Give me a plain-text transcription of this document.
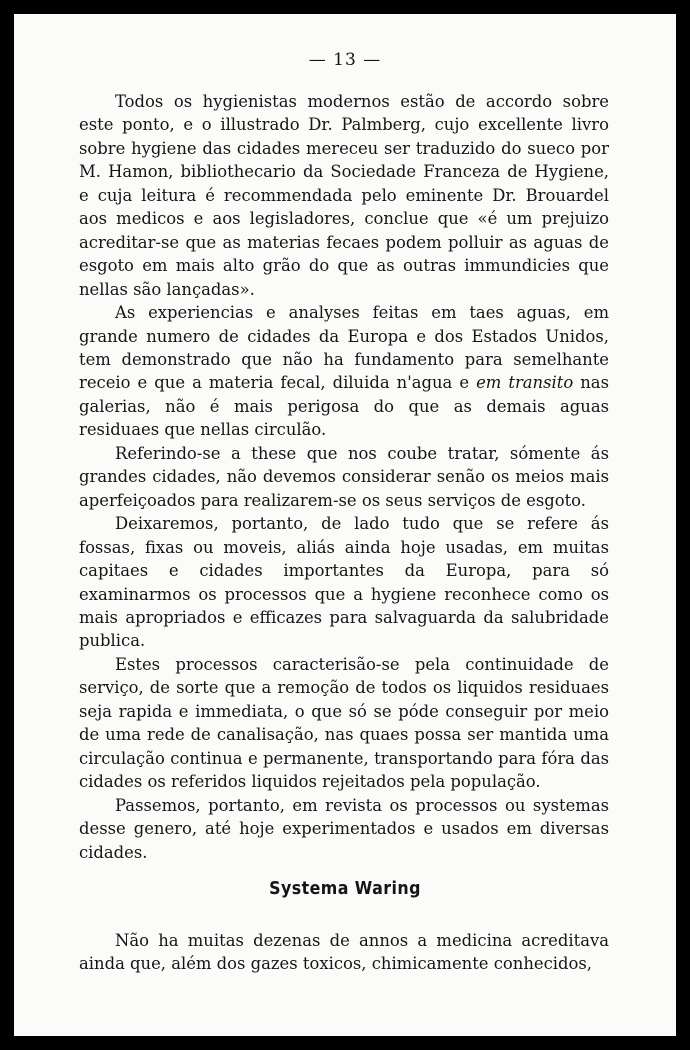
— 13 —

Todos os hygienistas modernos estão de accordo sobre este ponto, e o illustrado Dr. Palmberg, cujo excellente livro sobre hygiene das cidades mereceu ser traduzido do sueco por M. Hamon, bibliothecario da Sociedade Franceza de Hygiene, e cuja leitura é recommendada pelo eminente Dr. Brouardel aos medicos e aos legisladores, conclue que «é um prejuizo acreditar-se que as materias fecaes podem polluir as aguas de esgoto em mais alto grão do que as outras immundicies que nellas são lançadas».

As experiencias e analyses feitas em taes aguas, em grande numero de cidades da Europa e dos Estados Unidos, tem demonstrado que não ha fundamento para semelhante receio e que a materia fecal, diluida n'agua e em transito nas galerias, não é mais perigosa do que as demais aguas residuaes que nellas circulão.

Referindo-se a these que nos coube tratar, sómente ás grandes cidades, não devemos considerar senão os meios mais aperfeiçoados para realizarem-se os seus serviços de esgoto.

Deixaremos, portanto, de lado tudo que se refere ás fossas, fixas ou moveis, aliás ainda hoje usadas, em muitas capitaes e cidades importantes da Europa, para só examinarmos os processos que a hygiene reconhece como os mais apropriados e efficazes para salvaguarda da salubridade publica.

Estes processos caracterisão-se pela continuidade de serviço, de sorte que a remoção de todos os liquidos residuaes seja rapida e immediata, o que só se póde conseguir por meio de uma rede de canalisação, nas quaes possa ser mantida uma circulação continua e permanente, transportando para fóra das cidades os referidos liquidos rejeitados pela população.

Passemos, portanto, em revista os processos ou systemas desse genero, até hoje experimentados e usados em diversas cidades.

Systema Waring

Não ha muitas dezenas de annos a medicina acreditava ainda que, além dos gazes toxicos, chimicamente conhecidos,
